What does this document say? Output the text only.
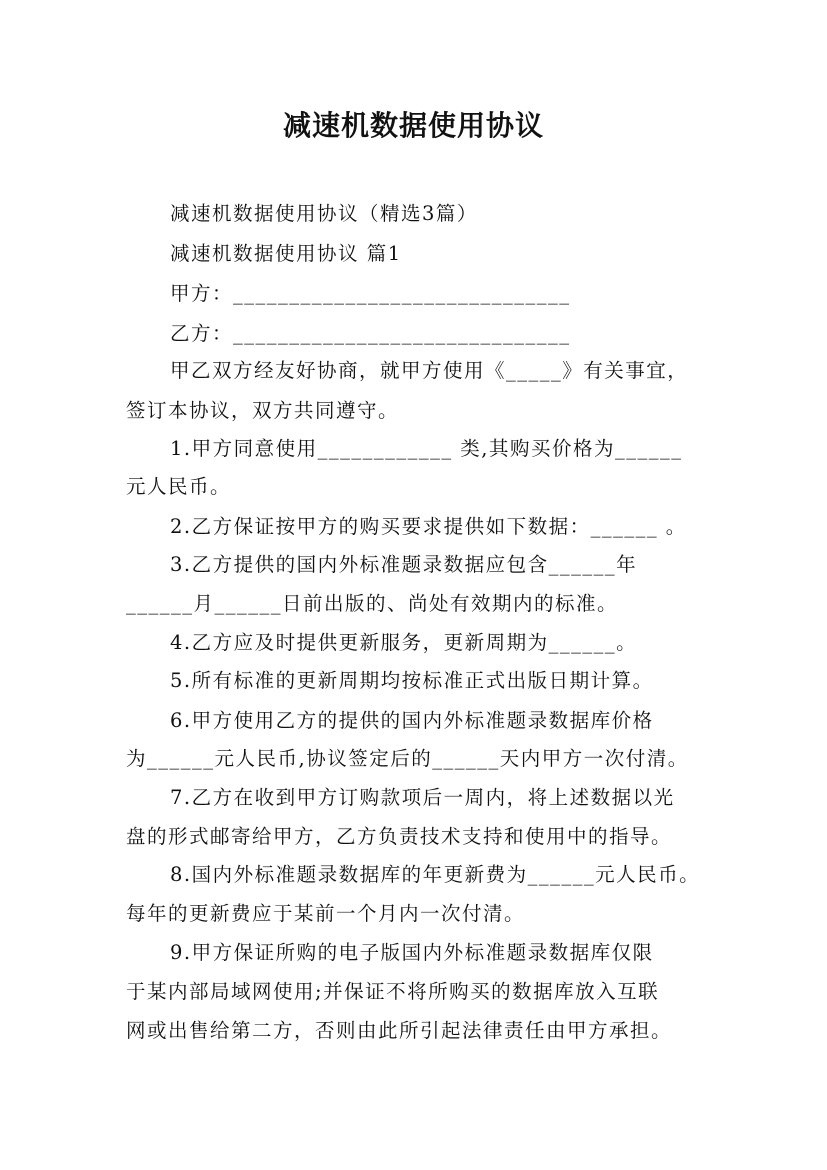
减速机数据使用协议
减速机数据使用协议（精选3篇）
减速机数据使用协议 篇1
甲方：______________________________
乙方：______________________________
甲乙双方经友好协商，就甲方使用《_____》有关事宜，
签订本协议，双方共同遵守。
1.甲方同意使用____________ 类,其购买价格为______
元人民币。
2.乙方保证按甲方的购买要求提供如下数据：______ 。
3.乙方提供的国内外标准题录数据应包含______年
______月______日前出版的、尚处有效期内的标准。
4.乙方应及时提供更新服务，更新周期为______。
5.所有标准的更新周期均按标准正式出版日期计算。
6.甲方使用乙方的提供的国内外标准题录数据库价格
为______元人民币,协议签定后的______天内甲方一次付清。
7.乙方在收到甲方订购款项后一周内，将上述数据以光
盘的形式邮寄给甲方，乙方负责技术支持和使用中的指导。
8.国内外标准题录数据库的年更新费为______元人民币。
每年的更新费应于某前一个月内一次付清。
9.甲方保证所购的电子版国内外标准题录数据库仅限
于某内部局域网使用;并保证不将所购买的数据库放入互联
网或出售给第二方，否则由此所引起法律责任由甲方承担。
